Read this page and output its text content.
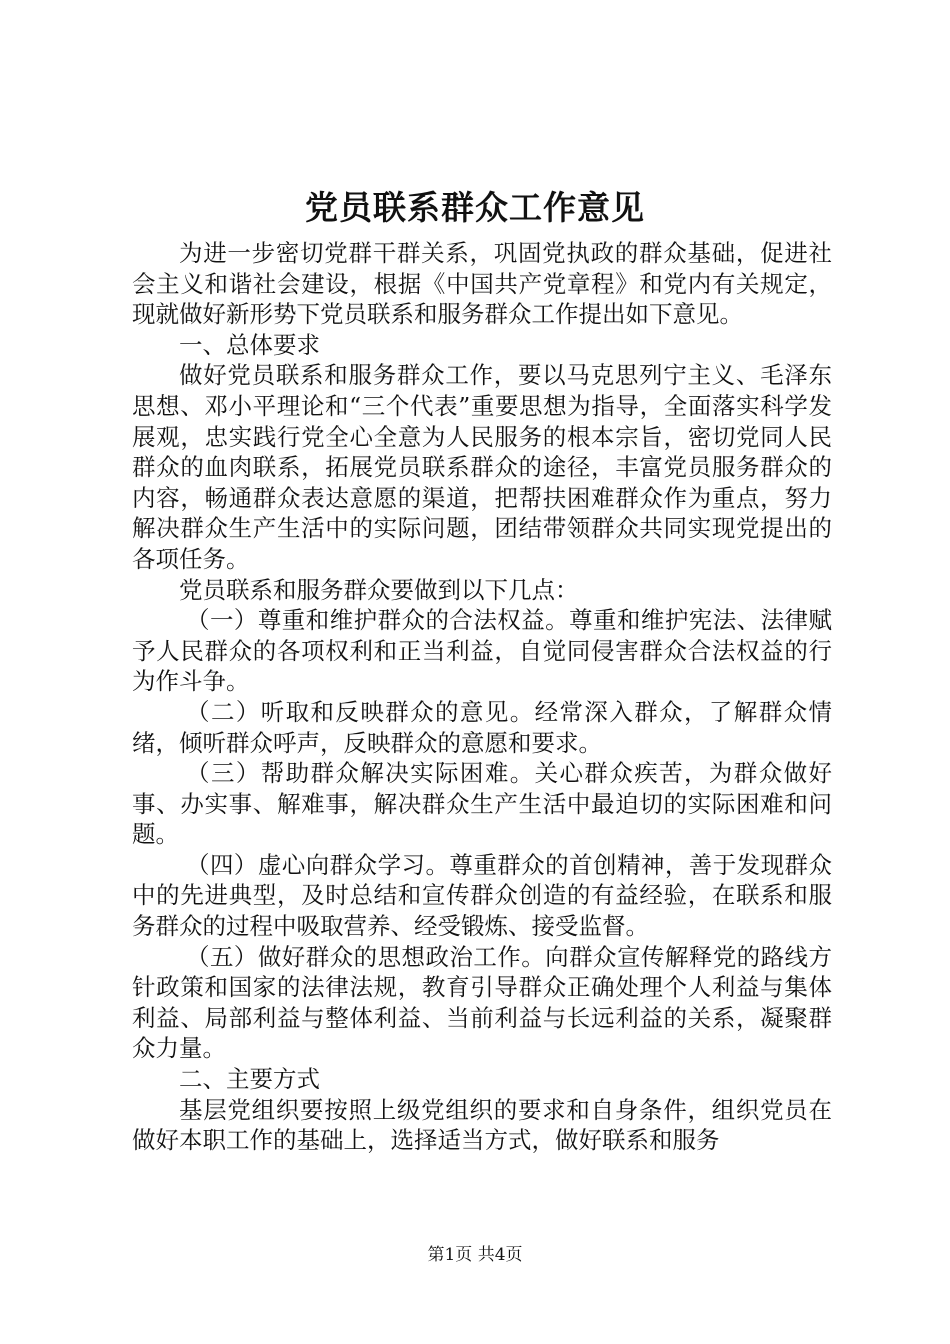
党员联系群众工作意见

为进一步密切党群干群关系，巩固党执政的群众基础，促进社会主义和谐社会建设，根据《中国共产党章程》和党内有关规定，现就做好新形势下党员联系和服务群众工作提出如下意见。

一、总体要求

做好党员联系和服务群众工作，要以马克思列宁主义、毛泽东思想、邓小平理论和“三个代表”重要思想为指导，全面落实科学发展观，忠实践行党全心全意为人民服务的根本宗旨，密切党同人民群众的血肉联系，拓展党员联系群众的途径，丰富党员服务群众的内容，畅通群众表达意愿的渠道，把帮扶困难群众作为重点，努力解决群众生产生活中的实际问题，团结带领群众共同实现党提出的各项任务。

党员联系和服务群众要做到以下几点：

（一）尊重和维护群众的合法权益。尊重和维护宪法、法律赋予人民群众的各项权利和正当利益，自觉同侵害群众合法权益的行为作斗争。

（二）听取和反映群众的意见。经常深入群众，了解群众情绪，倾听群众呼声，反映群众的意愿和要求。

（三）帮助群众解决实际困难。关心群众疾苦，为群众做好事、办实事、解难事，解决群众生产生活中最迫切的实际困难和问题。

（四）虚心向群众学习。尊重群众的首创精神，善于发现群众中的先进典型，及时总结和宣传群众创造的有益经验，在联系和服务群众的过程中吸取营养、经受锻炼、接受监督。

（五）做好群众的思想政治工作。向群众宣传解释党的路线方针政策和国家的法律法规，教育引导群众正确处理个人利益与集体利益、局部利益与整体利益、当前利益与长远利益的关系，凝聚群众力量。

二、主要方式

基层党组织要按照上级党组织的要求和自身条件，组织党员在做好本职工作的基础上，选择适当方式，做好联系和服务

第1页 共4页
